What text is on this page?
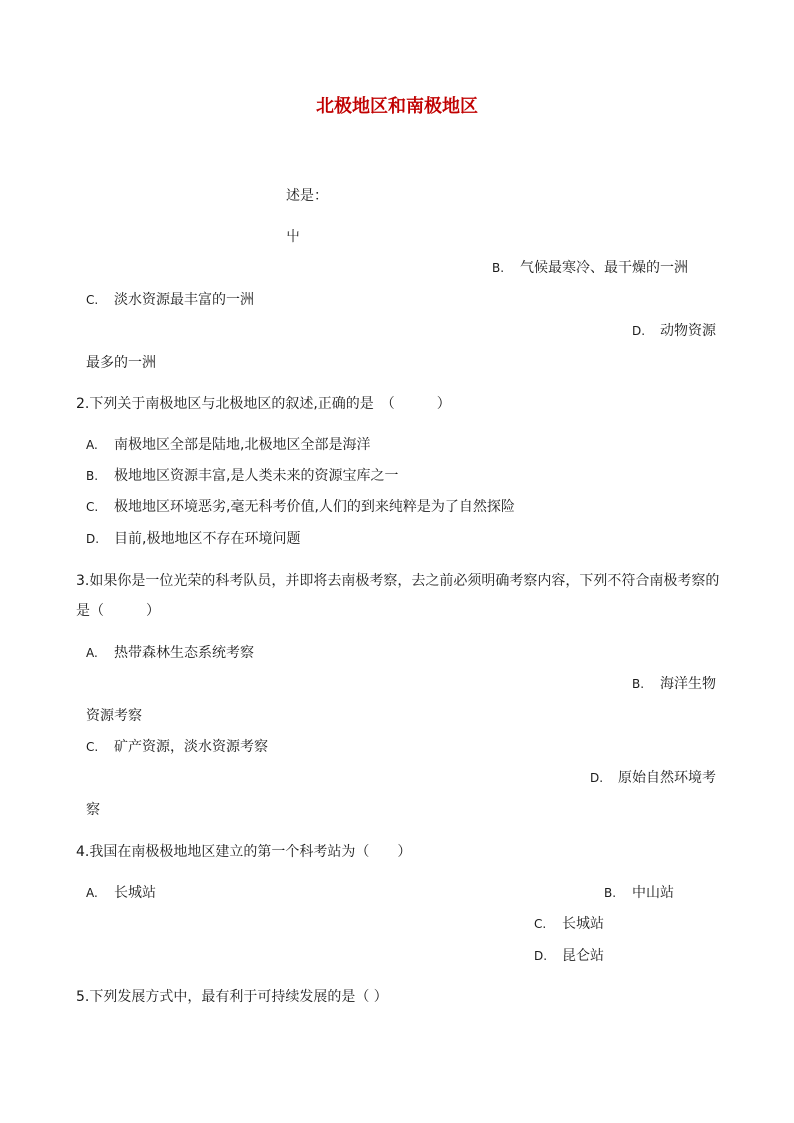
北极地区和南极地区
述是：
屮
B. 气候最寒冷、最干燥的一洲
C. 淡水资源最丰富的一洲
D. 动物资源
最多的一洲
2.下列关于南极地区与北极地区的叙述,正确的是　（　　　）
A. 南极地区全部是陆地,北极地区全部是海洋
B. 极地地区资源丰富,是人类未来的资源宝库之一
C. 极地地区环境恶劣,毫无科考价值,人们的到来纯粹是为了自然探险
D. 目前,极地地区不存在环境问题
3.如果你是一位光荣的科考队员，并即将去南极考察，去之前必须明确考察内容，下列不符合南极考察的
是（　　　）
A. 热带森林生态系统考察
B. 海洋生物
资源考察
C. 矿产资源，淡水资源考察
D. 原始自然环境考
察
4.我国在南极极地地区建立的第一个科考站为（　　）
A. 长城站	B. 中山站
C. 长城站
D. 昆仑站
5.下列发展方式中，最有利于可持续发展的是（ ）
